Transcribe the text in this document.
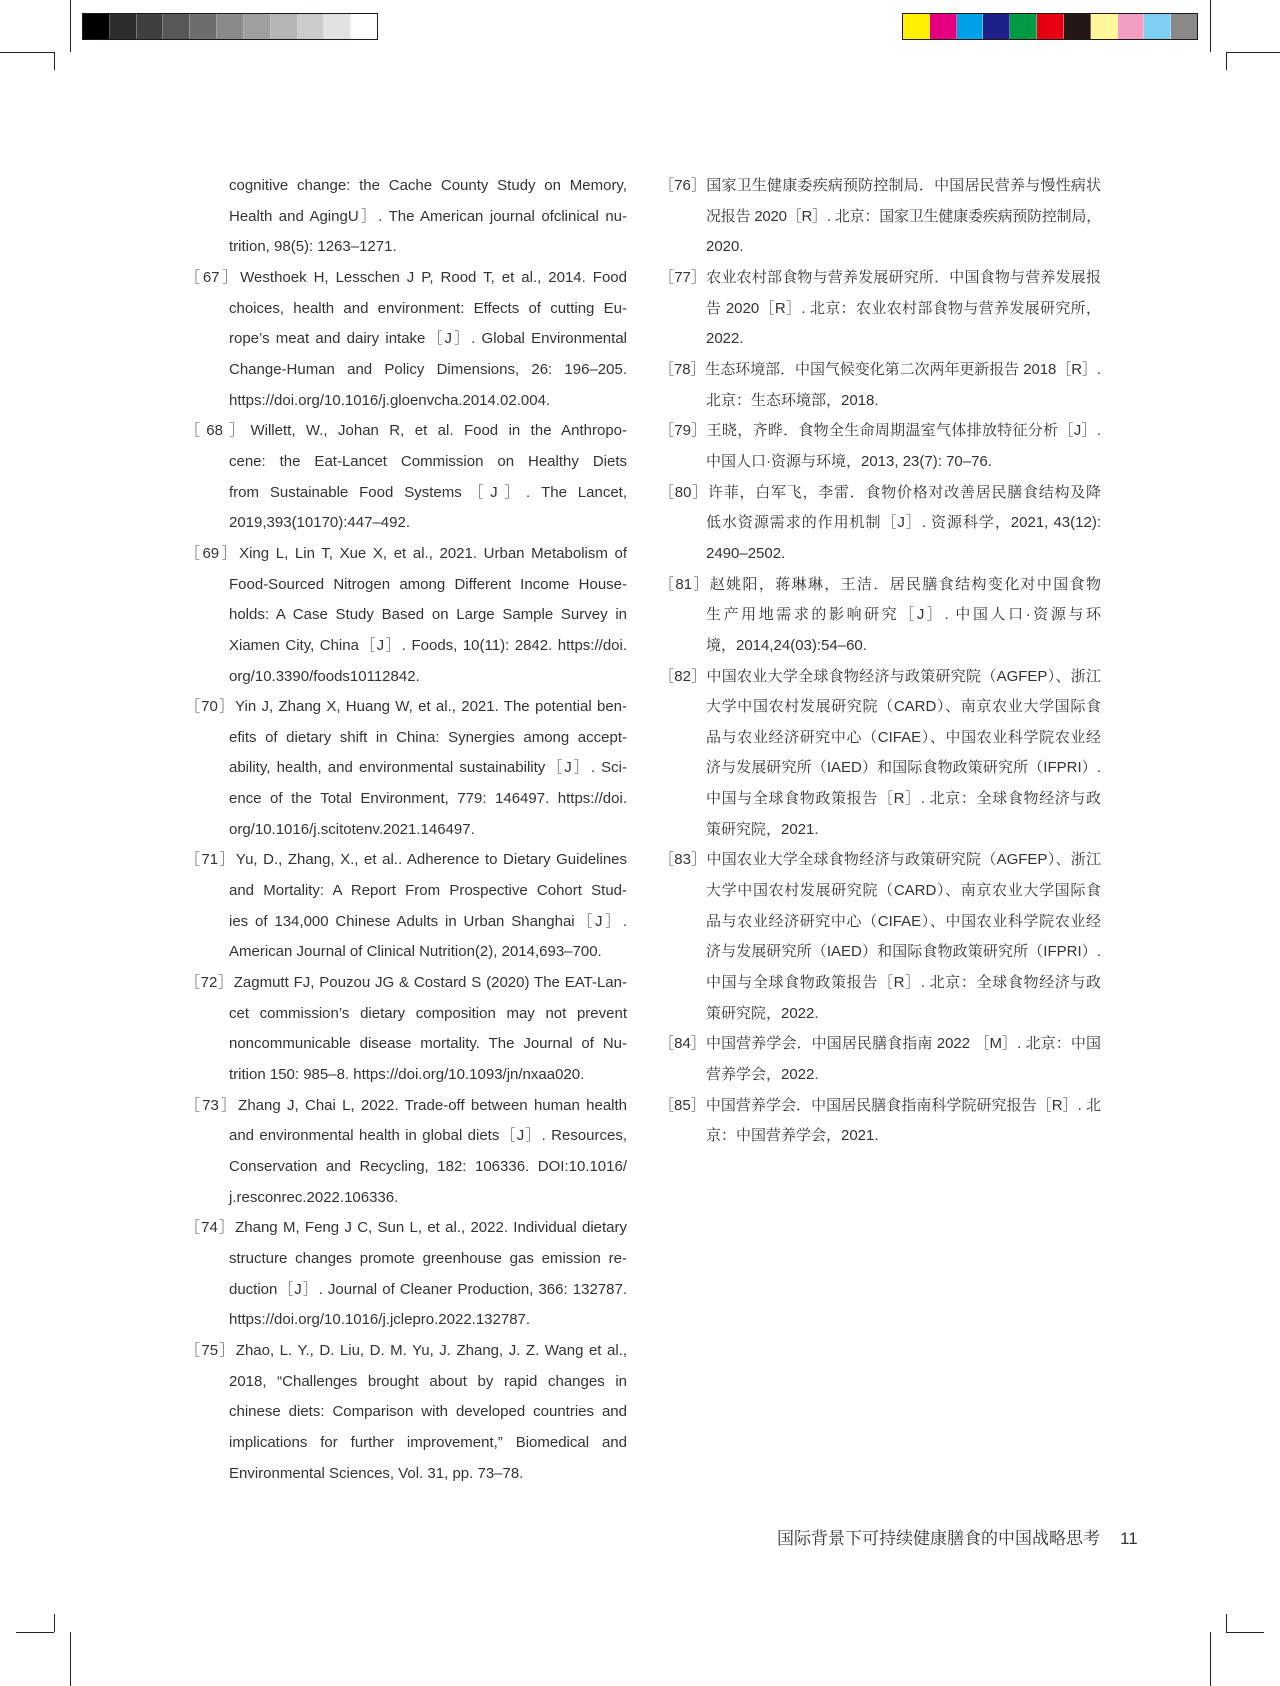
cognitive change: the Cache County Study on Memory,
Health and AgingU］. The American journal ofclinical nu-
trition, 98(5): 1263–1271.
［67］Westhoek H, Lesschen J P, Rood T, et al., 2014. Food
choices, health and environment: Effects of cutting Eu-
rope’s meat and dairy intake［J］. Global Environmental
Change-Human and Policy Dimensions, 26: 196–205.
https://doi.org/10.1016/j.gloenvcha.2014.02.004.
［68］Willett, W., Johan R, et al. Food in the Anthropo-
cene: the Eat-Lancet Commission on Healthy Diets
from Sustainable Food Systems［J］. The Lancet,
2019,393(10170):447–492.
［69］Xing L, Lin T, Xue X, et al., 2021. Urban Metabolism of
Food-Sourced Nitrogen among Different Income House-
holds: A Case Study Based on Large Sample Survey in
Xiamen City, China［J］. Foods, 10(11): 2842. https://doi.
org/10.3390/foods10112842.
［70］Yin J, Zhang X, Huang W, et al., 2021. The potential ben-
efits of dietary shift in China: Synergies among accept-
ability, health, and environmental sustainability［J］. Sci-
ence of the Total Environment, 779: 146497. https://doi.
org/10.1016/j.scitotenv.2021.146497.
［71］Yu, D., Zhang, X., et al.. Adherence to Dietary Guidelines
and Mortality: A Report From Prospective Cohort Stud-
ies of 134,000 Chinese Adults in Urban Shanghai［J］.
American Journal of Clinical Nutrition(2), 2014,693–700.
［72］Zagmutt FJ, Pouzou JG & Costard S (2020) The EAT-Lan-
cet commission’s dietary composition may not prevent
noncommunicable disease mortality. The Journal of Nu-
trition 150: 985–8. https://doi.org/10.1093/jn/nxaa020.
［73］Zhang J, Chai L, 2022. Trade-off between human health
and environmental health in global diets［J］. Resources,
Conservation and Recycling, 182: 106336. DOI:10.1016/
j.resconrec.2022.106336.
［74］Zhang M, Feng J C, Sun L, et al., 2022. Individual dietary
structure changes promote greenhouse gas emission re-
duction［J］. Journal of Cleaner Production, 366: 132787.
https://doi.org/10.1016/j.jclepro.2022.132787.
［75］Zhao, L. Y., D. Liu, D. M. Yu, J. Zhang, J. Z. Wang et al.,
2018, “Challenges brought about by rapid changes in
chinese diets: Comparison with developed countries and
implications for further improvement,” Biomedical and
Environmental Sciences, Vol. 31, pp. 73–78.
［76］国家卫生健康委疾病预防控制局．中国居民营养与慢性病状
况报告 2020［R］. 北京：国家卫生健康委疾病预防控制局，
2020.
［77］农业农村部食物与营养发展研究所．中国食物与营养发展报
告 2020［R］. 北京：农业农村部食物与营养发展研究所，
2022.
［78］生态环境部．中国气候变化第二次两年更新报告 2018［R］.
北京：生态环境部，2018.
［79］王晓，齐晔．食物全生命周期温室气体排放特征分析［J］.
中国人口·资源与环境，2013, 23(7): 70–76.
［80］许菲，白军飞，李雷．食物价格对改善居民膳食结构及降
低水资源需求的作用机制［J］. 资源科学，2021, 43(12):
2490–2502.
［81］赵姚阳，蒋琳琳，王洁．居民膳食结构变化对中国食物
生产用地需求的影响研究［J］. 中国人口·资源与环
境，2014,24(03):54–60.
［82］中国农业大学全球食物经济与政策研究院（AGFEP）、浙江
大学中国农村发展研究院（CARD）、南京农业大学国际食
品与农业经济研究中心（CIFAE）、中国农业科学院农业经
济与发展研究所（IAED）和国际食物政策研究所（IFPRI）.
中国与全球食物政策报告［R］. 北京：全球食物经济与政
策研究院，2021.
［83］中国农业大学全球食物经济与政策研究院（AGFEP）、浙江
大学中国农村发展研究院（CARD）、南京农业大学国际食
品与农业经济研究中心（CIFAE）、中国农业科学院农业经
济与发展研究所（IAED）和国际食物政策研究所（IFPRI）.
中国与全球食物政策报告［R］. 北京：全球食物经济与政
策研究院，2022.
［84］中国营养学会．中国居民膳食指南 2022 ［M］. 北京：中国
营养学会，2022.
［85］中国营养学会．中国居民膳食指南科学院研究报告［R］. 北
京：中国营养学会，2021.
国际背景下可持续健康膳食的中国战略思考 11
